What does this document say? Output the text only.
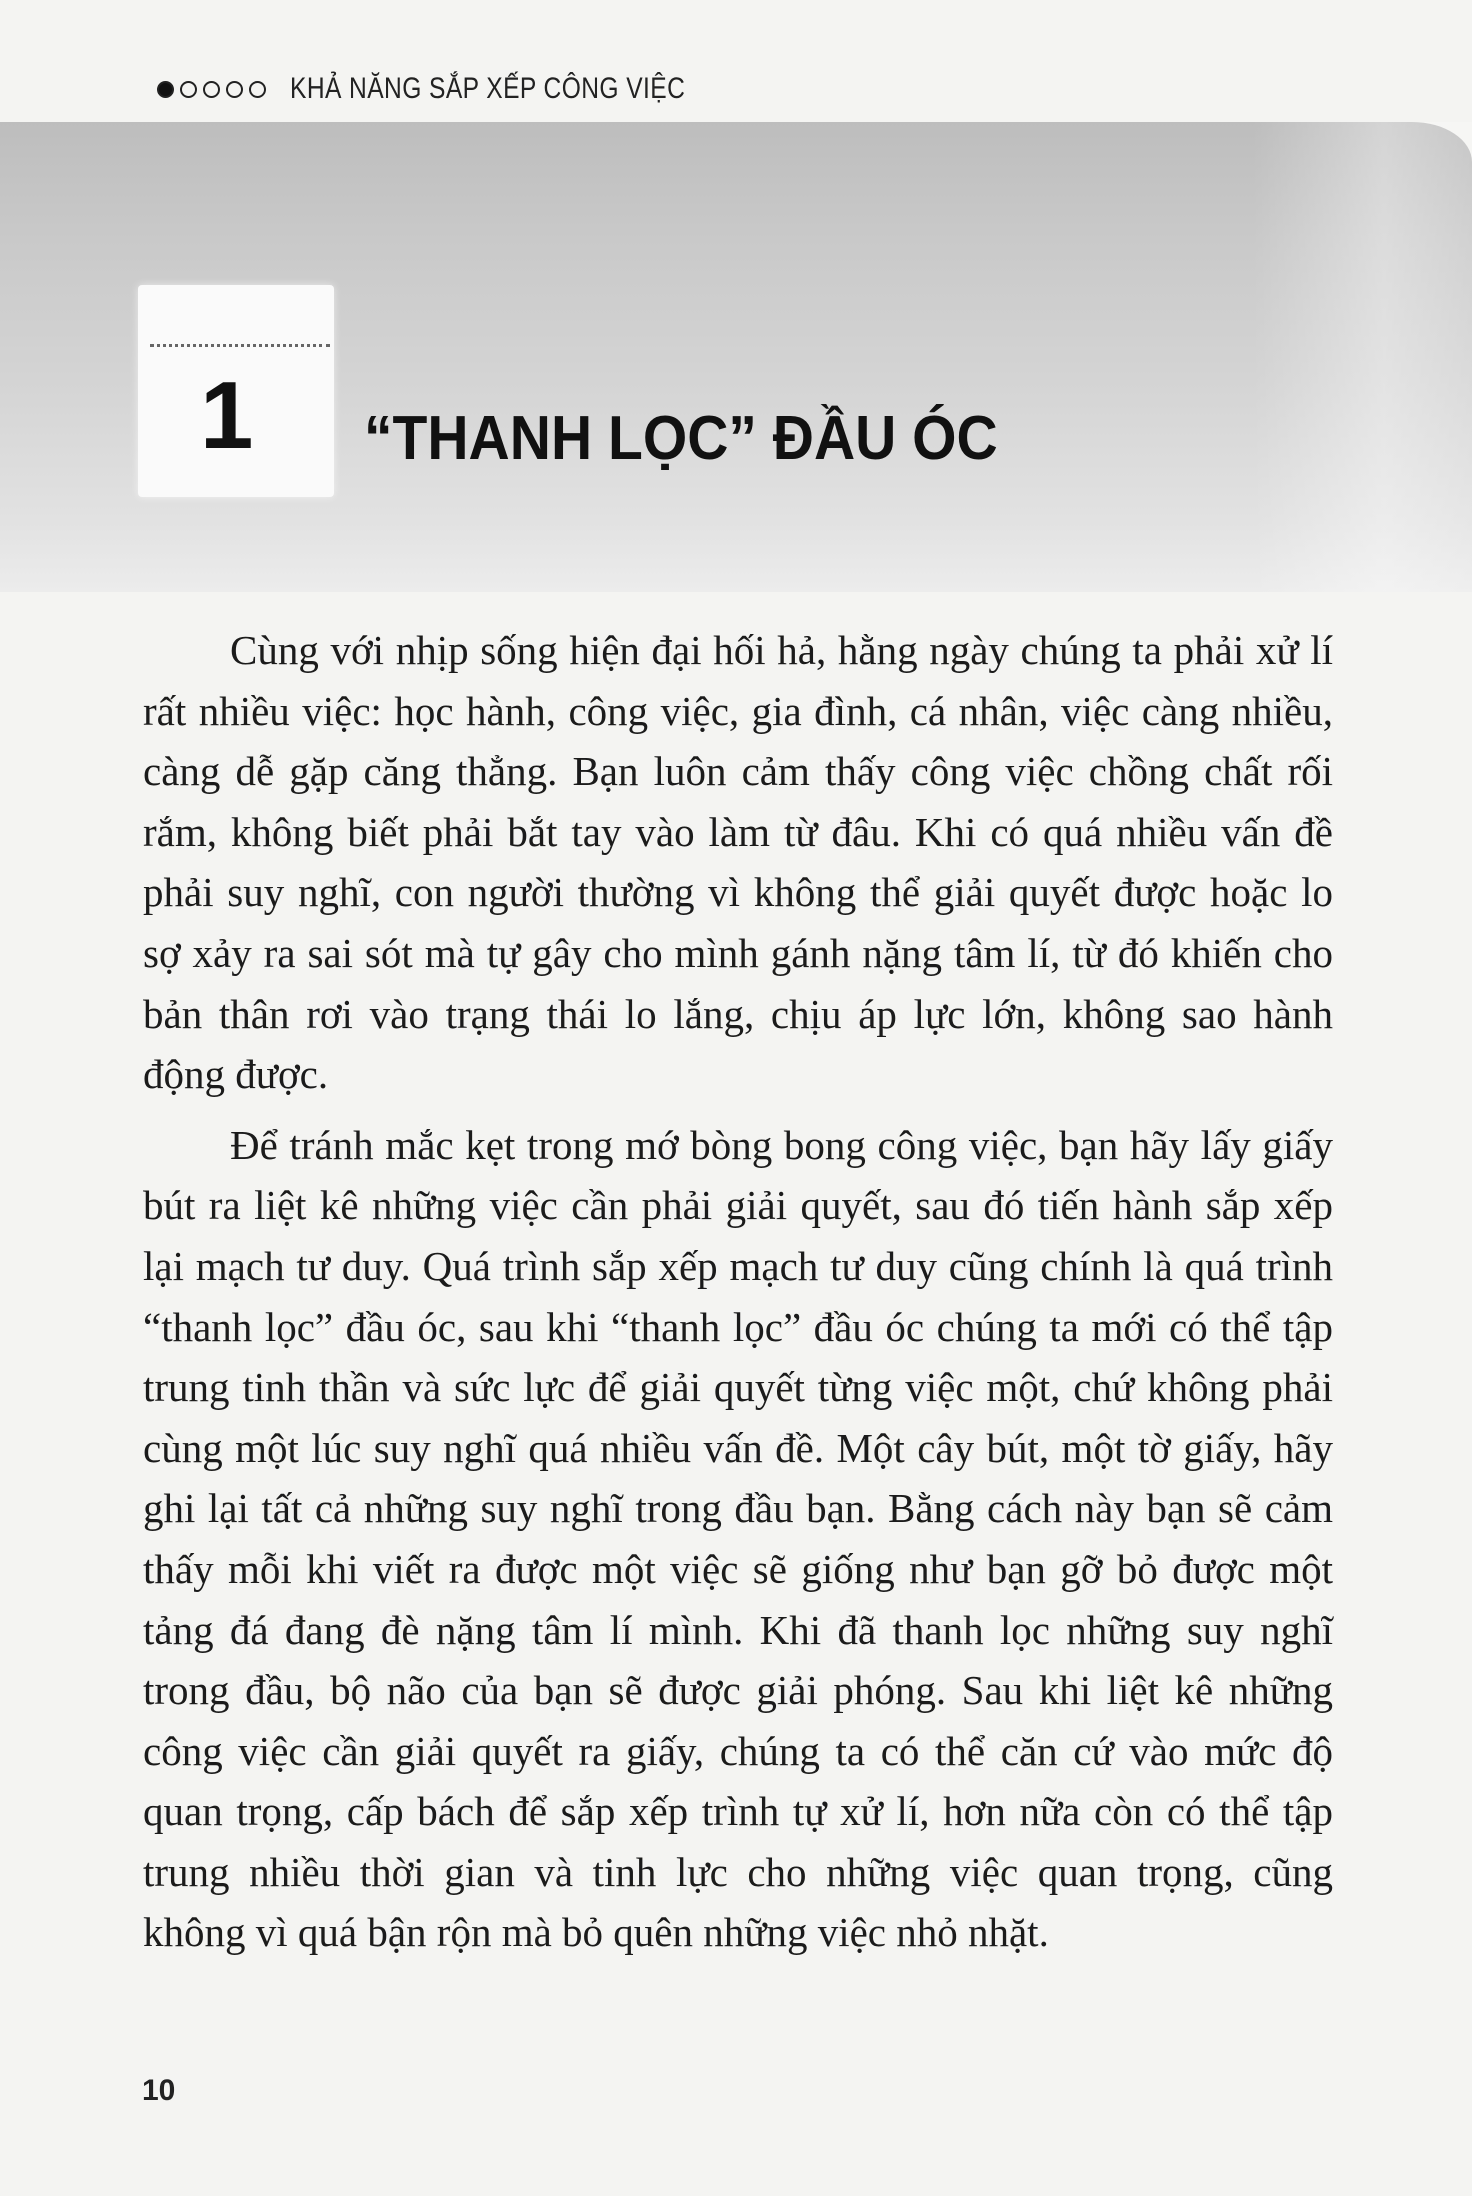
KHẢ NĂNG SẮP XẾP CÔNG VIỆC
1 “THANH LỌC” ĐẦU ÓC

Cùng với nhịp sống hiện đại hối hả, hằng ngày chúng ta phải xử lí rất nhiều việc: học hành, công việc, gia đình, cá nhân, việc càng nhiều, càng dễ gặp căng thẳng. Bạn luôn cảm thấy công việc chồng chất rối rắm, không biết phải bắt tay vào làm từ đâu. Khi có quá nhiều vấn đề phải suy nghĩ, con người thường vì không thể giải quyết được hoặc lo sợ xảy ra sai sót mà tự gây cho mình gánh nặng tâm lí, từ đó khiến cho bản thân rơi vào trạng thái lo lắng, chịu áp lực lớn, không sao hành động được.

Để tránh mắc kẹt trong mớ bòng bong công việc, bạn hãy lấy giấy bút ra liệt kê những việc cần phải giải quyết, sau đó tiến hành sắp xếp lại mạch tư duy. Quá trình sắp xếp mạch tư duy cũng chính là quá trình “thanh lọc” đầu óc, sau khi “thanh lọc” đầu óc chúng ta mới có thể tập trung tinh thần và sức lực để giải quyết từng việc một, chứ không phải cùng một lúc suy nghĩ quá nhiều vấn đề. Một cây bút, một tờ giấy, hãy ghi lại tất cả những suy nghĩ trong đầu bạn. Bằng cách này bạn sẽ cảm thấy mỗi khi viết ra được một việc sẽ giống như bạn gỡ bỏ được một tảng đá đang đè nặng tâm lí mình. Khi đã thanh lọc những suy nghĩ trong đầu, bộ não của bạn sẽ được giải phóng. Sau khi liệt kê những công việc cần giải quyết ra giấy, chúng ta có thể căn cứ vào mức độ quan trọng, cấp bách để sắp xếp trình tự xử lí, hơn nữa còn có thể tập trung nhiều thời gian và tinh lực cho những việc quan trọng, cũng không vì quá bận rộn mà bỏ quên những việc nhỏ nhặt.

10
